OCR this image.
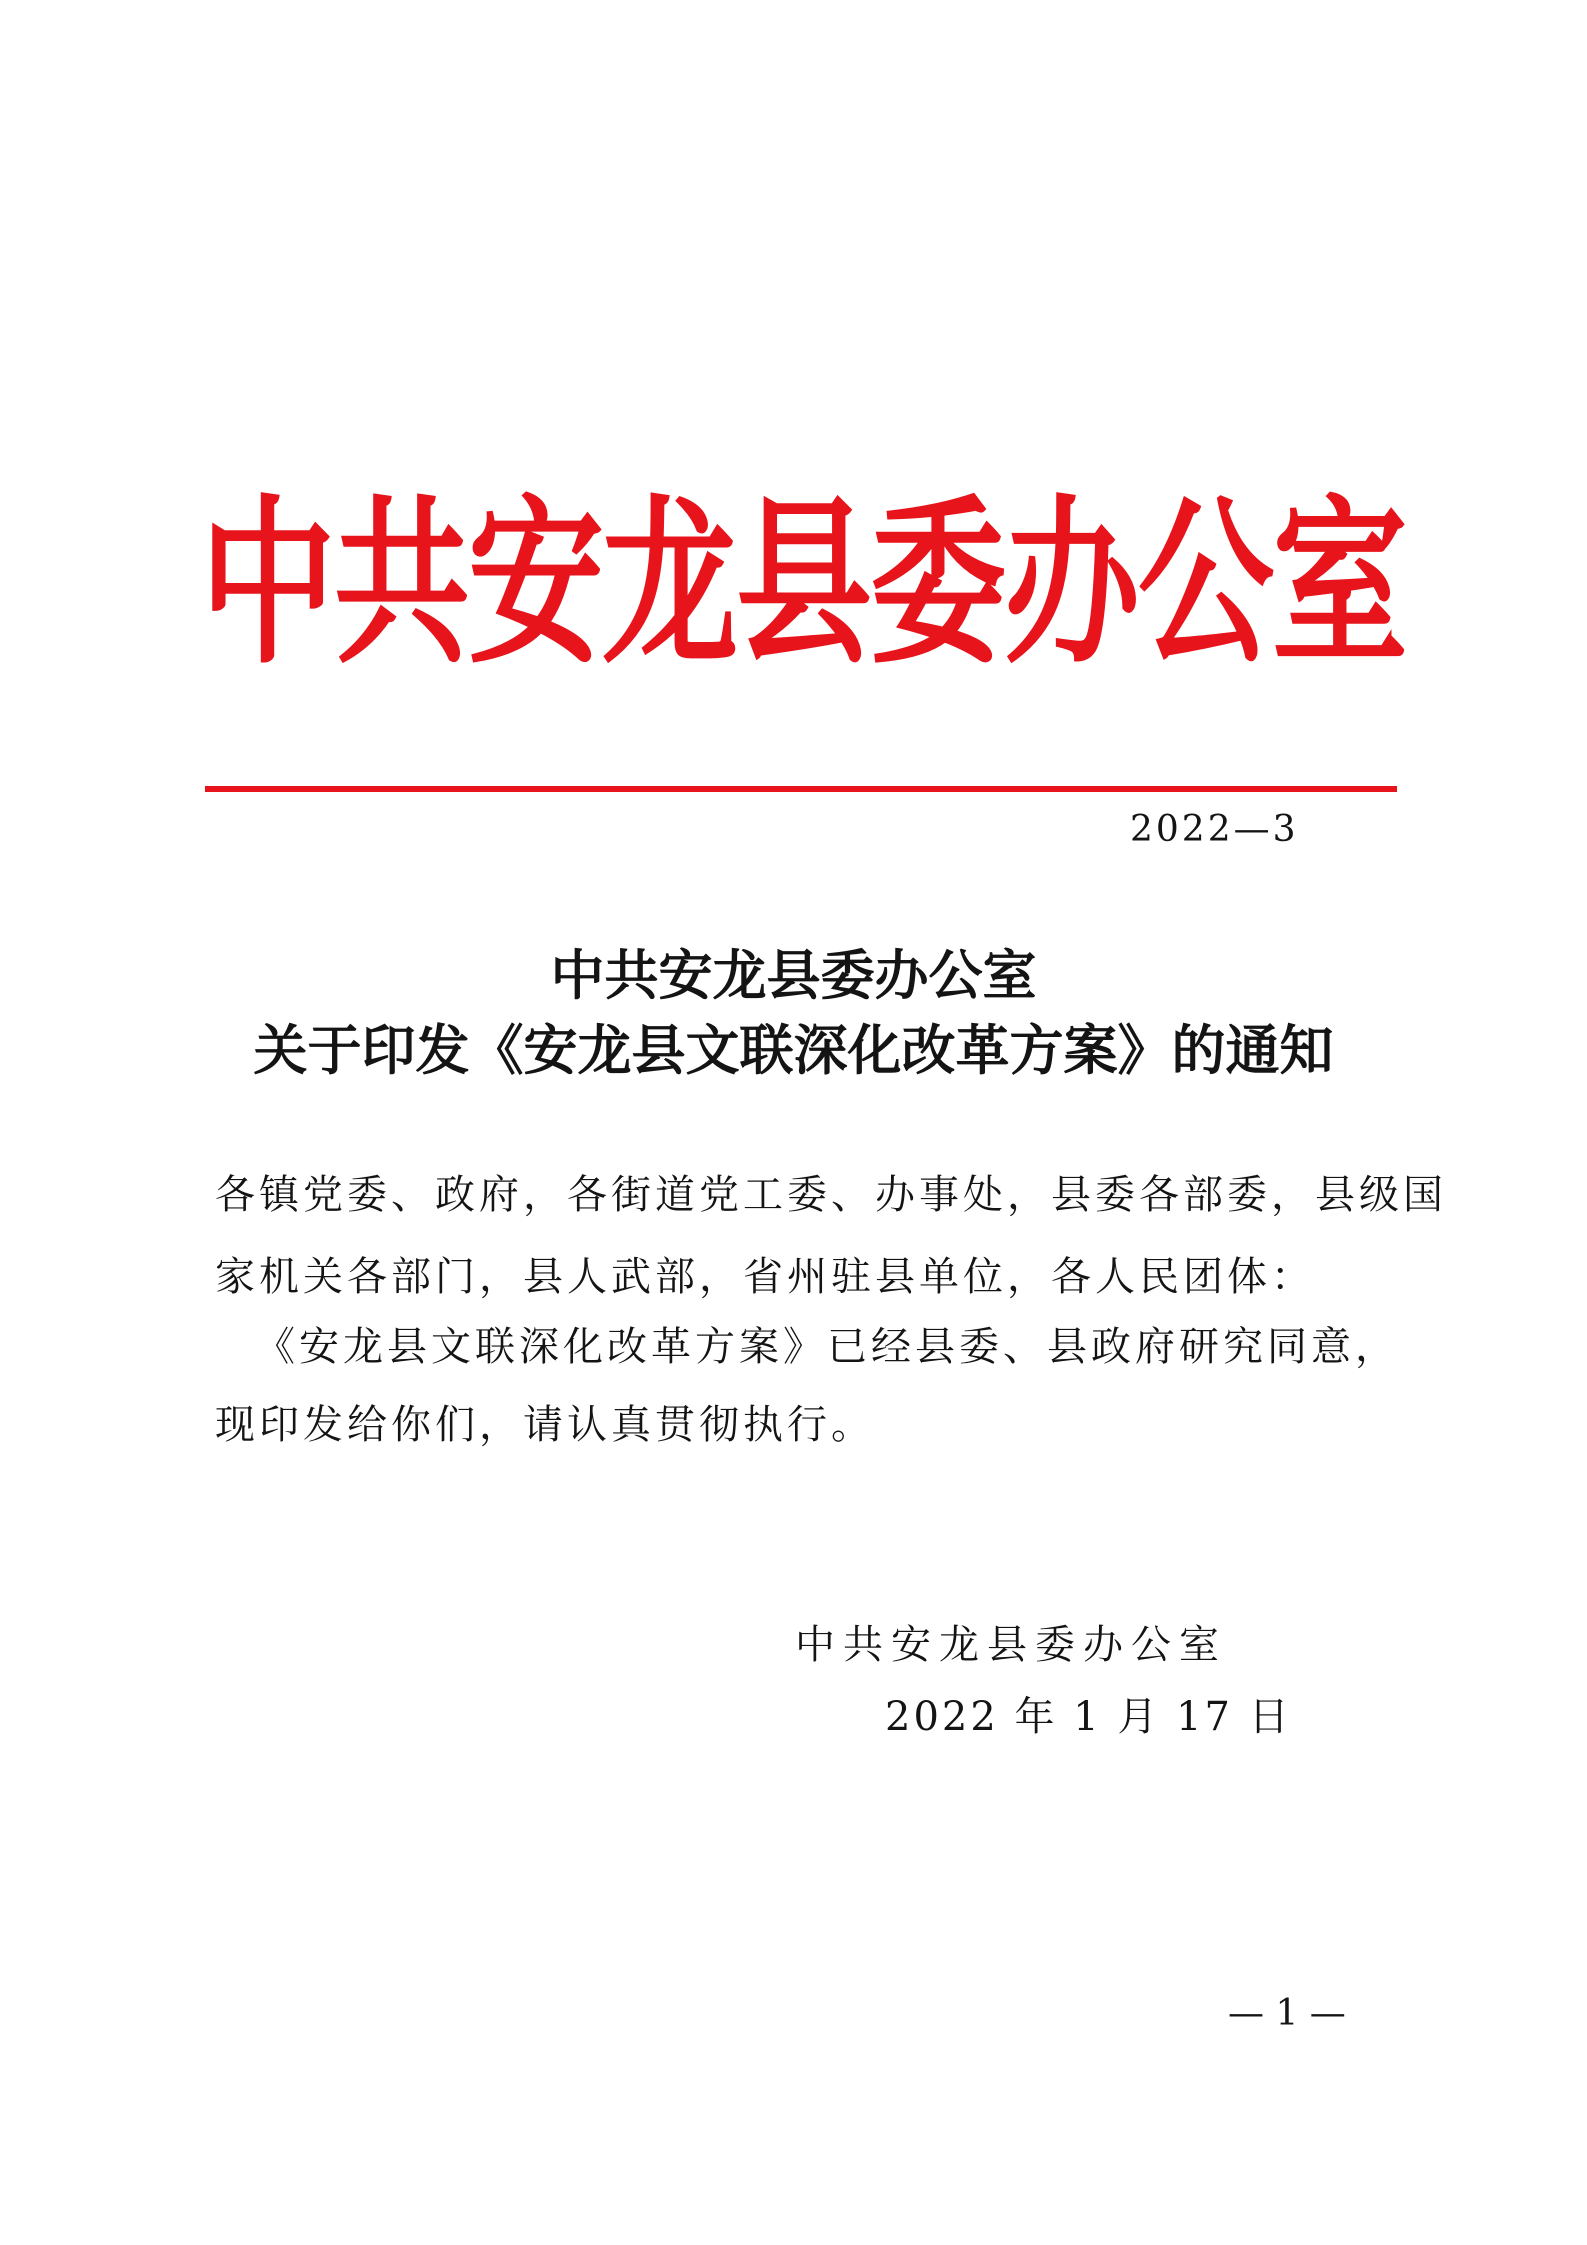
中共安龙县委办公室
2022—3
中共安龙县委办公室
关于印发《安龙县文联深化改革方案》的通知
各镇党委、政府，各街道党工委、办事处，县委各部委，县级国
家机关各部门，县人武部，省州驻县单位，各人民团体：
《安龙县文联深化改革方案》已经县委、县政府研究同意，
现印发给你们，请认真贯彻执行。
中共安龙县委办公室
2022 年 1 月 17 日
— 1 —
